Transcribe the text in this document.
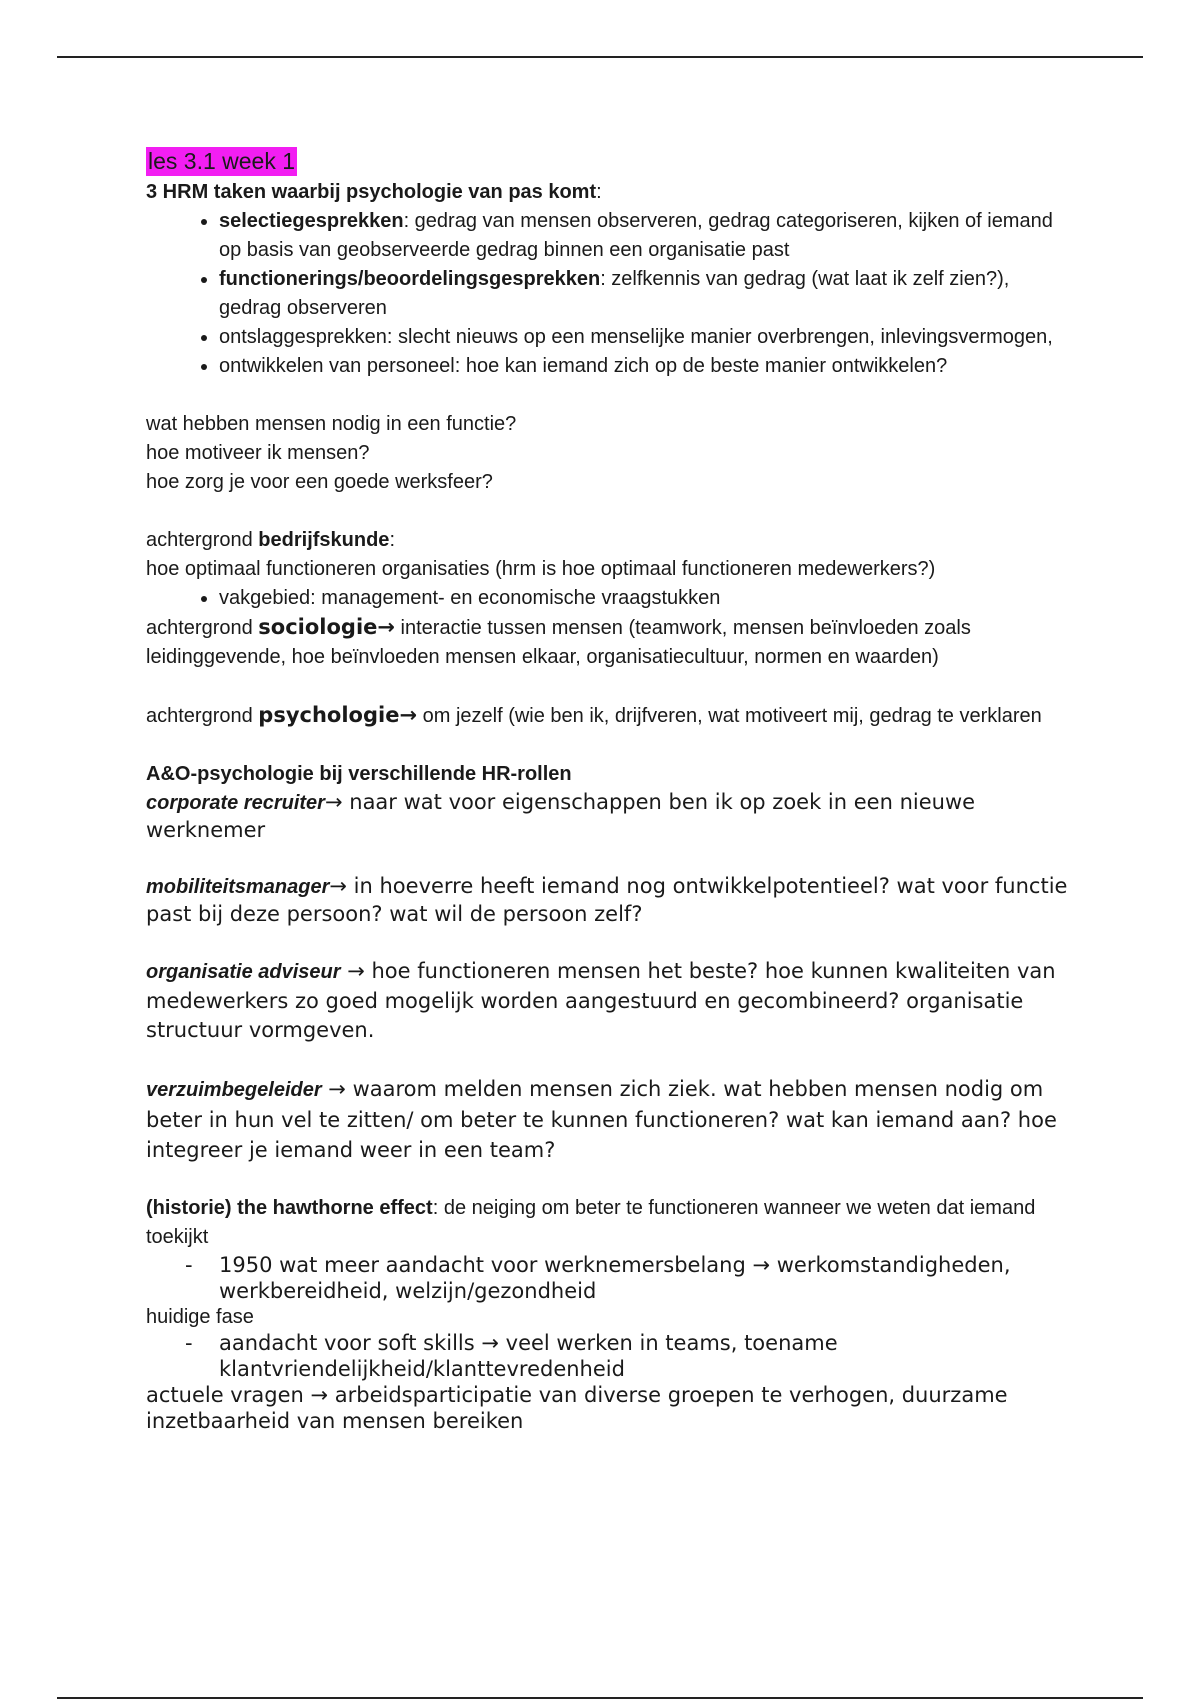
les 3.1 week 1

3 HRM taken waarbij psychologie van pas komt:

• selectiegesprekken: gedrag van mensen observeren, gedrag categoriseren, kijken of iemand op basis van geobserveerde gedrag binnen een organisatie past
• functionerings/beoordelingsgesprekken: zelfkennis van gedrag (wat laat ik zelf zien?),
gedrag observeren
• ontslaggesprekken: slecht nieuws op een menselijke manier overbrengen, inlevingsvermogen,
• ontwikkelen van personeel: hoe kan iemand zich op de beste manier ontwikkelen?

wat hebben mensen nodig in een functie?

hoe motiveer ik mensen?

hoe zorg je voor een goede werksfeer?

achtergrond bedrijfskunde:

hoe optimaal functioneren organisaties (hrm is hoe optimaal functioneren medewerkers?)

• vakgebied: management- en economische vraagstukken

achtergrond sociologie→ interactie tussen mensen (teamwork, mensen beïnvloeden zoals leidinggevende, hoe beïnvloeden mensen elkaar, organisatiecultuur, normen en waarden)

achtergrond psychologie→ om jezelf (wie ben ik, drijfveren, wat motiveert mij, gedrag te verklaren

A&O-psychologie bij verschillende HR-rollen

corporate recruiter→ naar wat voor eigenschappen ben ik op zoek in een nieuwe werknemer

mobiliteitsmanager→ in hoeverre heeft iemand nog ontwikkelpotentieel? wat voor functie past bij deze persoon? wat wil de persoon zelf?

organisatie adviseur → hoe functioneren mensen het beste? hoe kunnen kwaliteiten van medewerkers zo goed mogelijk worden aangestuurd en gecombineerd? organisatie structuur vormgeven.

verzuimbegeleider → waarom melden mensen zich ziek. wat hebben mensen nodig om beter in hun vel te zitten/ om beter te kunnen functioneren? wat kan iemand aan? hoe integreer je iemand weer in een team?

(historie) the hawthorne effect: de neiging om beter te functioneren wanneer we weten dat iemand toekijkt

- 1950 wat meer aandacht voor werknemersbelang → werkomstandigheden, werkbereidheid, welzijn/gezondheid

huidige fase

- aandacht voor soft skills → veel werken in teams, toename klantvriendelijkheid/klanttevredenheid

actuele vragen → arbeidsparticipatie van diverse groepen te verhogen, duurzame inzetbaarheid van mensen bereiken
